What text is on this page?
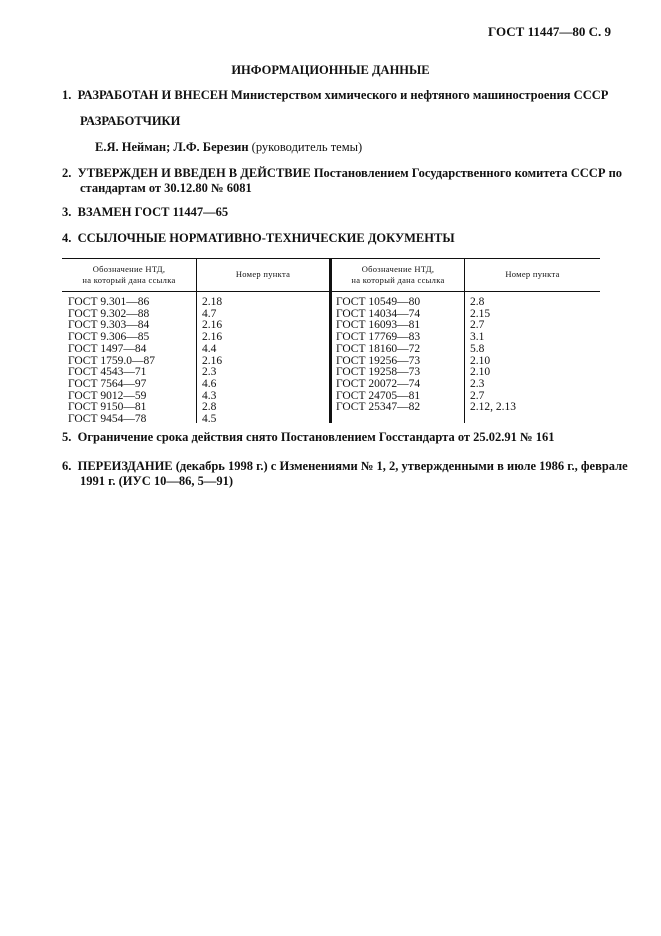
ГОСТ 11447—80 С. 9
ИНФОРМАЦИОННЫЕ ДАННЫЕ
1. РАЗРАБОТАН И ВНЕСЕН Министерством химического и нефтяного машиностроения СССР
РАЗРАБОТЧИКИ
Е.Я. Нейман; Л.Ф. Березин (руководитель темы)
2. УТВЕРЖДЕН И ВВЕДЕН В ДЕЙСТВИЕ Постановлением Государственного комитета СССР по
стандартам от 30.12.80 № 6081
3. ВЗАМЕН ГОСТ 11447—65
4. ССЫЛОЧНЫЕ НОРМАТИВНО-ТЕХНИЧЕСКИЕ ДОКУМЕНТЫ
Обозначение НТД,
на который дана ссылка
Номер пункта	Обозначение НТД,
на который дана ссылка
Номер пункта
ГОСТ 9.301—86
ГОСТ 9.302—88
ГОСТ 9.303—84
ГОСТ 9.306—85
ГОСТ 1497—84
ГОСТ 1759.0—87
ГОСТ 4543—71
ГОСТ 7564—97
ГОСТ 9012—59
ГОСТ 9150—81
ГОСТ 9454—78
2.18
4.7
2.16
2.16
4.4
2.16
2.3
4.6
4.3
2.8
4.5
ГОСТ 10549—80
ГОСТ 14034—74
ГОСТ 16093—81
ГОСТ 17769—83
ГОСТ 18160—72
ГОСТ 19256—73
ГОСТ 19258—73
ГОСТ 20072—74
ГОСТ 24705—81
ГОСТ 25347—82
2.8
2.15
2.7
3.1
5.8
2.10
2.10
2.3
2.7
2.12, 2.13
5. Ограничение срока действия снято Постановлением Госстандарта от 25.02.91 № 161
6. ПЕРЕИЗДАНИЕ (декабрь 1998 г.) с Изменениями № 1, 2, утвержденными в июле 1986 г., феврале
1991 г. (ИУС 10—86, 5—91)
